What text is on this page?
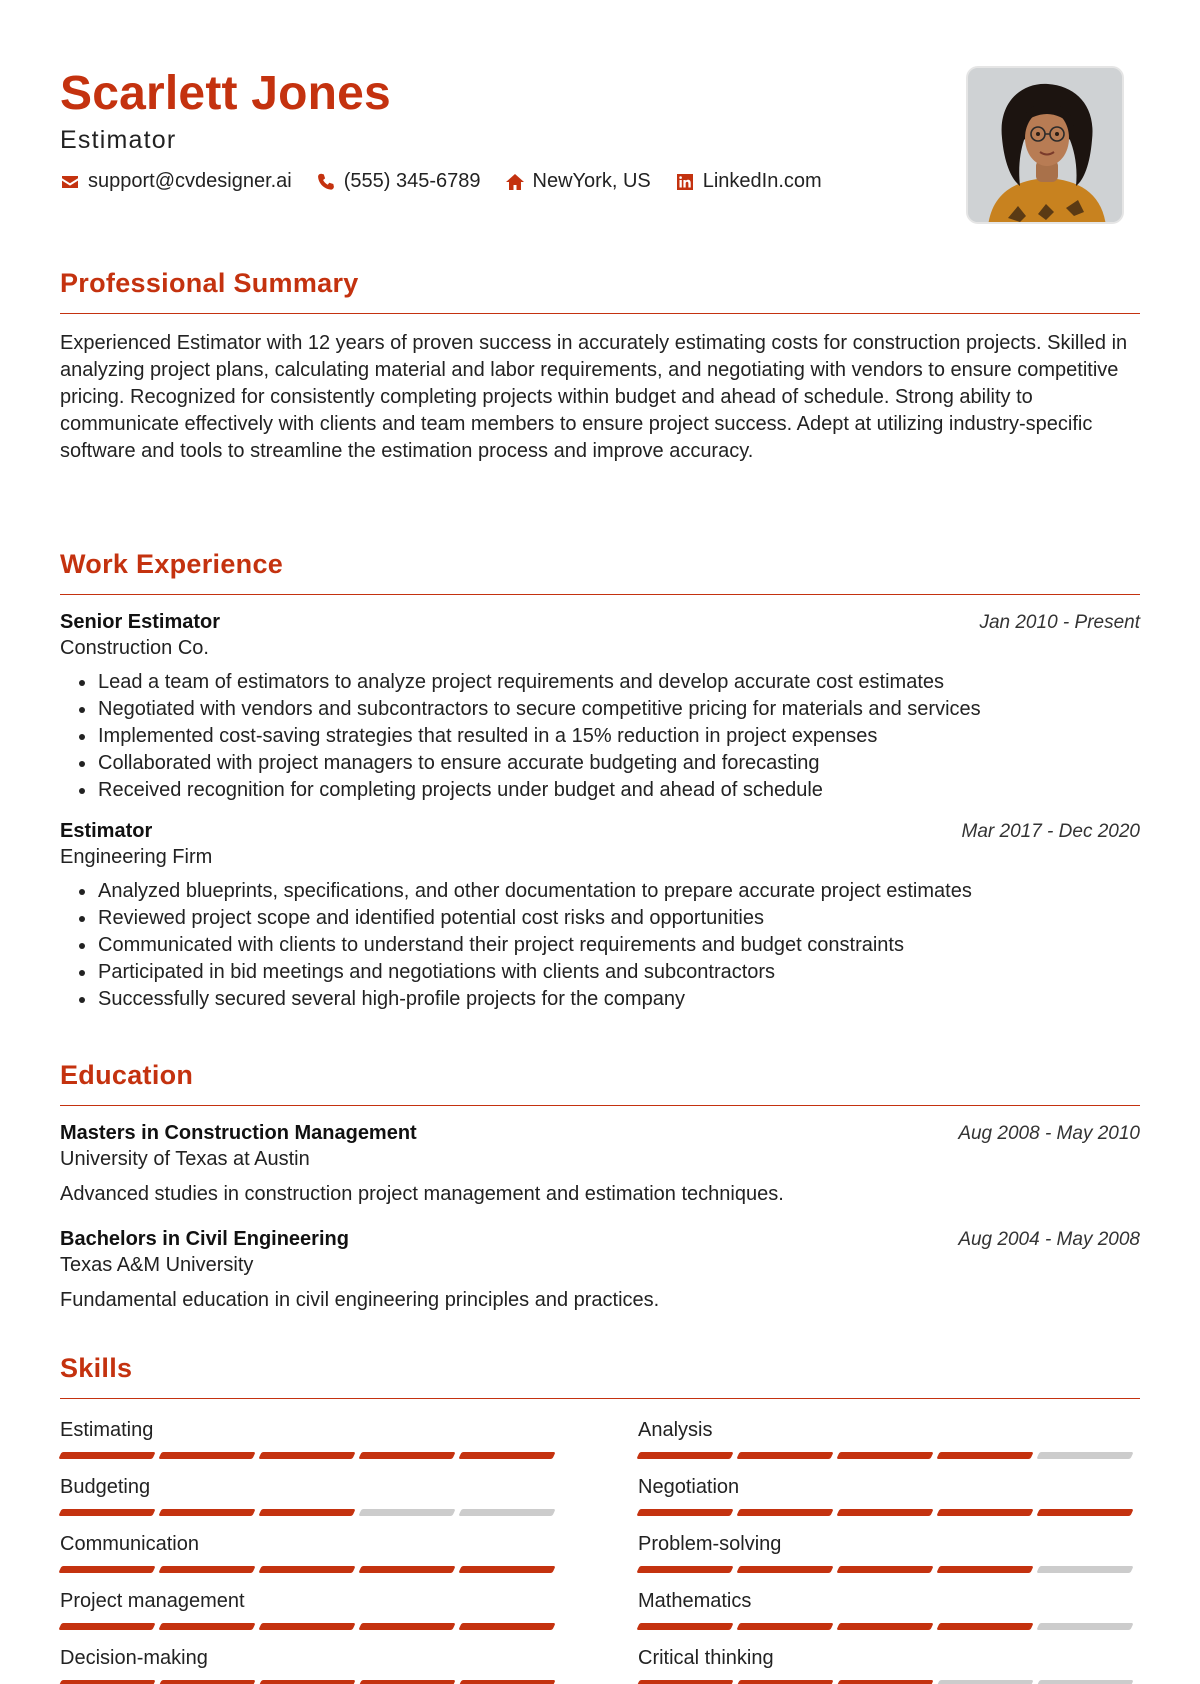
Scarlett Jones
Estimator
support@cvdesigner.ai	(555) 345-6789	NewYork, US	LinkedIn.com
Professional Summary

Experienced Estimator with 12 years of proven success in accurately estimating costs for construction projects. Skilled in analyzing project plans, calculating material and labor requirements, and negotiating with vendors to ensure competitive pricing. Recognized for consistently completing projects within budget and ahead of schedule. Strong ability to communicate effectively with clients and team members to ensure project success. Adept at utilizing industry-specific software and tools to streamline the estimation process and improve accuracy.

Work Experience
Senior Estimator	Jan 2010 - Present
Construction Co.
Lead a team of estimators to analyze project requirements and develop accurate cost estimates
Negotiated with vendors and subcontractors to secure competitive pricing for materials and services
Implemented cost-saving strategies that resulted in a 15% reduction in project expenses
Collaborated with project managers to ensure accurate budgeting and forecasting
Received recognition for completing projects under budget and ahead of schedule
Estimator	Mar 2017 - Dec 2020
Engineering Firm
Analyzed blueprints, specifications, and other documentation to prepare accurate project estimates
Reviewed project scope and identified potential cost risks and opportunities
Communicated with clients to understand their project requirements and budget constraints
Participated in bid meetings and negotiations with clients and subcontractors
Successfully secured several high-profile projects for the company
Education
Masters in Construction Management	Aug 2008 - May 2010
University of Texas at Austin
Advanced studies in construction project management and estimation techniques.
Bachelors in Civil Engineering	Aug 2004 - May 2008
Texas A&M University
Fundamental education in civil engineering principles and practices.
Skills
Estimating	Analysis
Budgeting	Negotiation
Communication	Problem-solving
Project management	Mathematics
Decision-making	Critical thinking
